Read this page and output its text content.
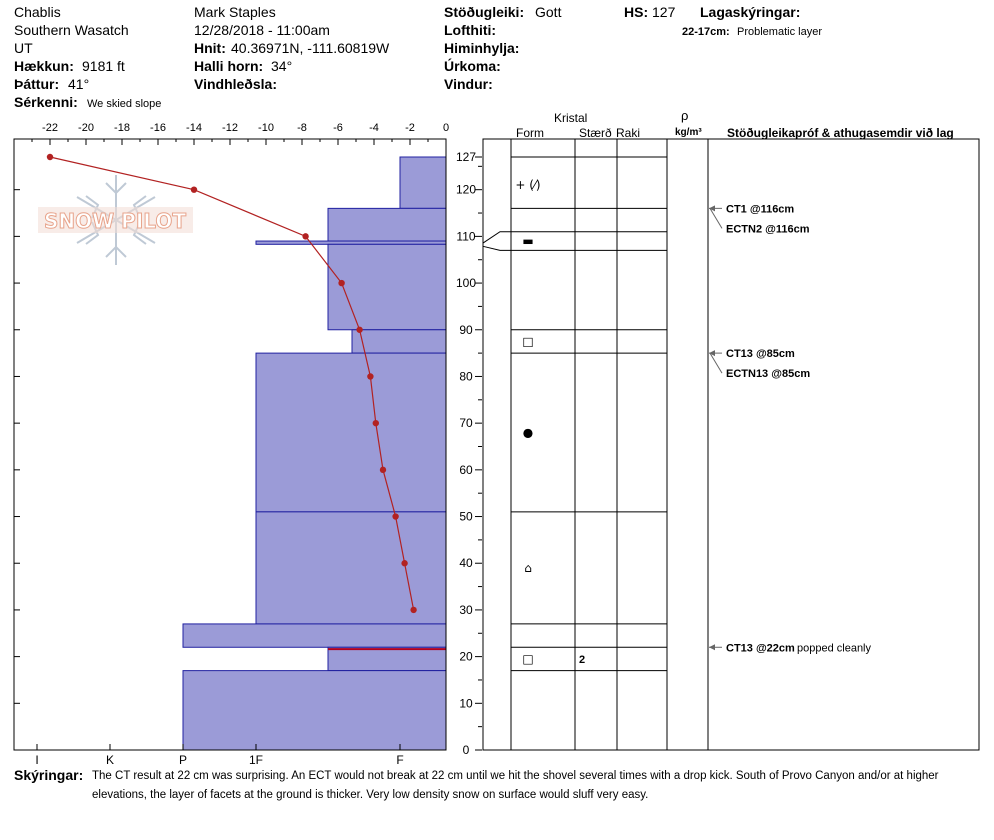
Chablis
Southern Wasatch
UT
Hækkun: 9181 ft
Þáttur: 41°
Sérkenni: We skied slope
Mark Staples
12/28/2018 - 11:00am
Hnit: 40.36971N, -111.60819W
Halli horn: 34°
Vindhleðsla:
Stöðugleiki: Gott
Lofthiti:
Himinhylja:
Úrkoma:
Vindur:
HS: 127 Lagaskýringar:
22-17cm: Problematic layer
Kristal
Form	Stærð Raki
ρ
kg/m³ Stöðugleikapróf & athugasemdir við lag
SNOW PILOT
-22 -20 -18 -16 -14 -12 -10 -8 -6 -4 -2	0
I	K	P	1F	F
10
20
30
40
50
60
70
80
90
100
110
120
127
0
+ (⁄)
▬
□
●
⌂
□	2
CT1 @116cm
ECTN2 @116cm
CT13 @85cm
ECTN13 @85cm
CT13 @22cm popped cleanly
Skýringar: The CT result at 22 cm was surprising. An ECT would not break at 22 cm until we hit the shovel several times with a drop kick. South of Provo Canyon and/or at higher
elevations, the layer of facets at the ground is thicker. Very low density snow on surface would sluff very easy.
